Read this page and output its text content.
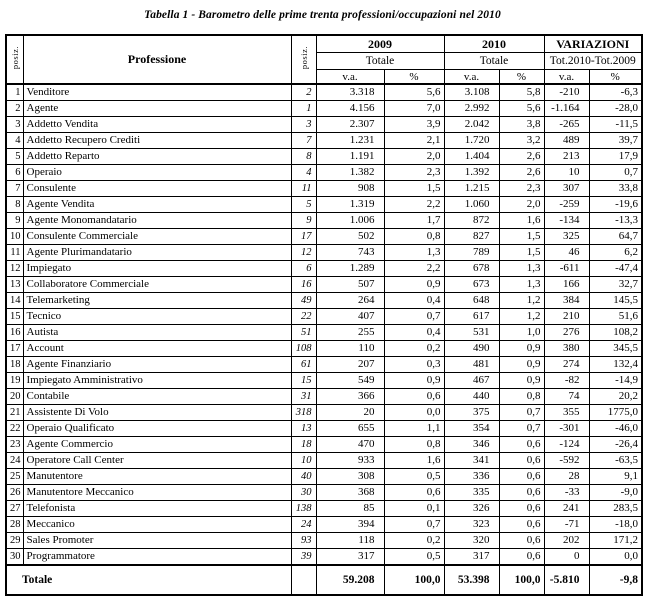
Tabella 1 - Barometro delle prime trenta professioni/occupazioni nel 2010
posiz.	Professione	posiz.	2009		2010		VARIAZIONI	
			Totale		Totale		Tot.2010-Tot.2009	
			v.a.	%	v.a.	%	v.a.	%
1	Venditore	2	3.318	5,6	3.108	5,8	-210	-6,3
2	Agente	1	4.156	7,0	2.992	5,6	-1.164	-28,0
3	Addetto Vendita	3	2.307	3,9	2.042	3,8	-265	-11,5
4	Addetto Recupero Crediti	7	1.231	2,1	1.720	3,2	489	39,7
5	Addetto Reparto	8	1.191	2,0	1.404	2,6	213	17,9
6	Operaio	4	1.382	2,3	1.392	2,6	10	0,7
7	Consulente	11	908	1,5	1.215	2,3	307	33,8
8	Agente Vendita	5	1.319	2,2	1.060	2,0	-259	-19,6
9	Agente Monomandatario	9	1.006	1,7	872	1,6	-134	-13,3
10	Consulente Commerciale	17	502	0,8	827	1,5	325	64,7
11	Agente Plurimandatario	12	743	1,3	789	1,5	46	6,2
12	Impiegato	6	1.289	2,2	678	1,3	-611	-47,4
13	Collaboratore Commerciale	16	507	0,9	673	1,3	166	32,7
14	Telemarketing	49	264	0,4	648	1,2	384	145,5
15	Tecnico	22	407	0,7	617	1,2	210	51,6
16	Autista	51	255	0,4	531	1,0	276	108,2
17	Account	108	110	0,2	490	0,9	380	345,5
18	Agente Finanziario	61	207	0,3	481	0,9	274	132,4
19	Impiegato Amministrativo	15	549	0,9	467	0,9	-82	-14,9
20	Contabile	31	366	0,6	440	0,8	74	20,2
21	Assistente Di Volo	318	20	0,0	375	0,7	355	1775,0
22	Operaio Qualificato	13	655	1,1	354	0,7	-301	-46,0
23	Agente Commercio	18	470	0,8	346	0,6	-124	-26,4
24	Operatore Call Center	10	933	1,6	341	0,6	-592	-63,5
25	Manutentore	40	308	0,5	336	0,6	28	9,1
26	Manutentore Meccanico	30	368	0,6	335	0,6	-33	-9,0
27	Telefonista	138	85	0,1	326	0,6	241	283,5
28	Meccanico	24	394	0,7	323	0,6	-71	-18,0
29	Sales Promoter	93	118	0,2	320	0,6	202	171,2
30	Programmatore	39	317	0,5	317	0,6	0	0,0
Totale			59.208	100,0	53.398	100,0	-5.810	-9,8
